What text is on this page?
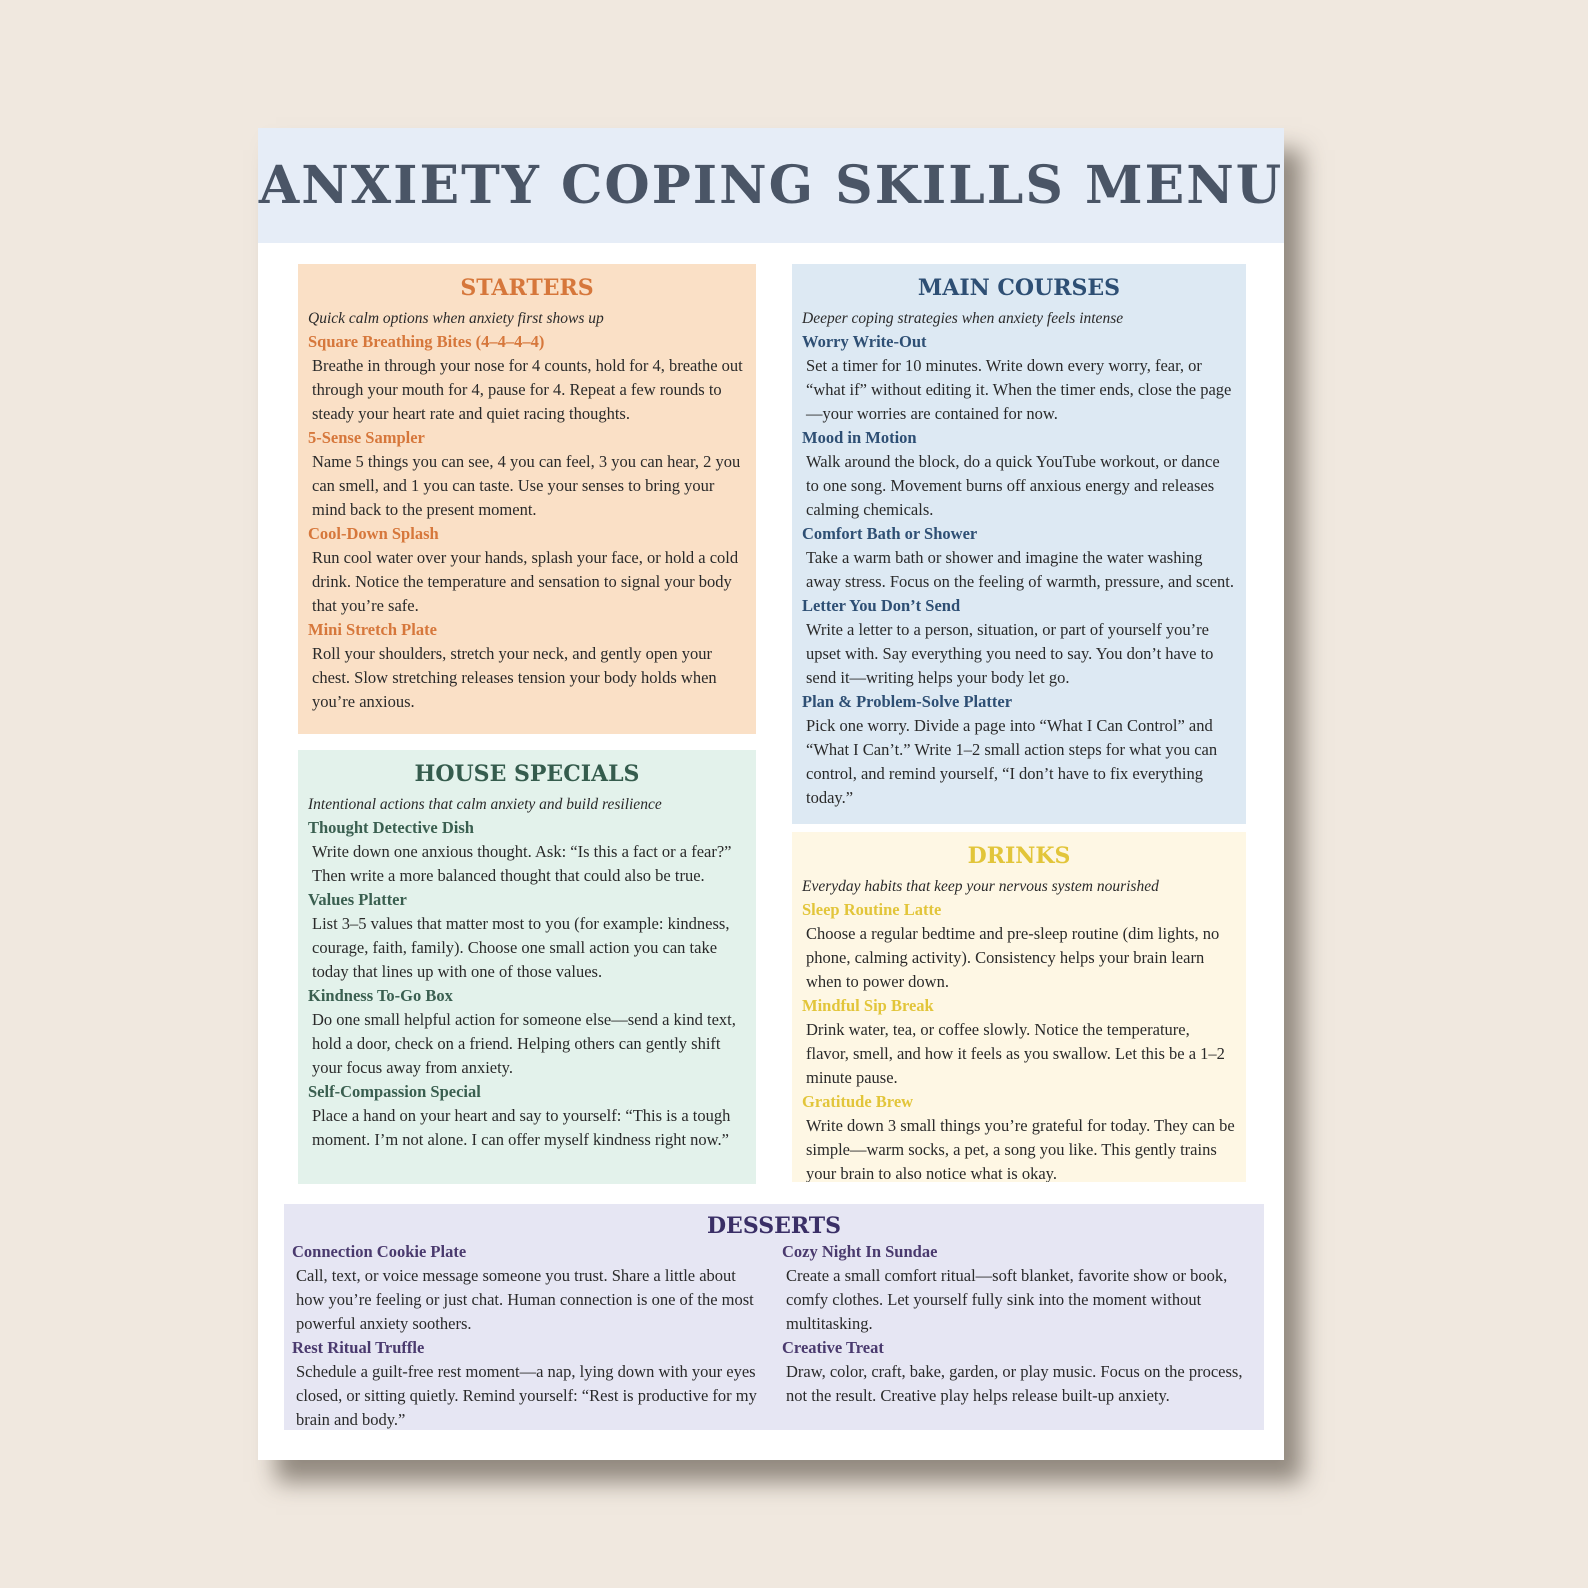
ANXIETY COPING SKILLS MENU
STARTERS
Quick calm options when anxiety first shows up
Square Breathing Bites (4–4–4–4)
Breathe in through your nose for 4 counts, hold for 4, breathe out through your mouth for 4, pause for 4. Repeat a few rounds to steady your heart rate and quiet racing thoughts.
5-Sense Sampler
Name 5 things you can see, 4 you can feel, 3 you can hear, 2 you can smell, and 1 you can taste. Use your senses to bring your mind back to the present moment.
Cool-Down Splash
Run cool water over your hands, splash your face, or hold a cold drink. Notice the temperature and sensation to signal your body that you’re safe.
Mini Stretch Plate
Roll your shoulders, stretch your neck, and gently open your chest. Slow stretching releases tension your body holds when you’re anxious.
HOUSE SPECIALS
Intentional actions that calm anxiety and build resilience
Thought Detective Dish
Write down one anxious thought. Ask: “Is this a fact or a fear?” Then write a more balanced thought that could also be true.
Values Platter
List 3–5 values that matter most to you (for example: kindness, courage, faith, family). Choose one small action you can take today that lines up with one of those values.
Kindness To-Go Box
Do one small helpful action for someone else—send a kind text, hold a door, check on a friend. Helping others can gently shift your focus away from anxiety.
Self-Compassion Special
Place a hand on your heart and say to yourself: “This is a tough moment. I’m not alone. I can offer myself kindness right now.”
MAIN COURSES
Deeper coping strategies when anxiety feels intense
Worry Write-Out
Set a timer for 10 minutes. Write down every worry, fear, or “what if” without editing it. When the timer ends, close the page—your worries are contained for now.
Mood in Motion
Walk around the block, do a quick YouTube workout, or dance to one song. Movement burns off anxious energy and releases calming chemicals.
Comfort Bath or Shower
Take a warm bath or shower and imagine the water washing away stress. Focus on the feeling of warmth, pressure, and scent.
Letter You Don’t Send
Write a letter to a person, situation, or part of yourself you’re upset with. Say everything you need to say. You don’t have to send it—writing helps your body let go.
Plan & Problem-Solve Platter
Pick one worry. Divide a page into “What I Can Control” and “What I Can’t.” Write 1–2 small action steps for what you can control, and remind yourself, “I don’t have to fix everything today.”
DRINKS
Everyday habits that keep your nervous system nourished
Sleep Routine Latte
Choose a regular bedtime and pre-sleep routine (dim lights, no phone, calming activity). Consistency helps your brain learn when to power down.
Mindful Sip Break
Drink water, tea, or coffee slowly. Notice the temperature, flavor, smell, and how it feels as you swallow. Let this be a 1–2 minute pause.
Gratitude Brew
Write down 3 small things you’re grateful for today. They can be simple—warm socks, a pet, a song you like. This gently trains your brain to also notice what is okay.
DESSERTS
Connection Cookie Plate
Call, text, or voice message someone you trust. Share a little about how you’re feeling or just chat. Human connection is one of the most powerful anxiety soothers.
Rest Ritual Truffle
Schedule a guilt-free rest moment—a nap, lying down with your eyes closed, or sitting quietly. Remind yourself: “Rest is productive for my brain and body.”
Cozy Night In Sundae
Create a small comfort ritual—soft blanket, favorite show or book, comfy clothes. Let yourself fully sink into the moment without multitasking.
Creative Treat
Draw, color, craft, bake, garden, or play music. Focus on the process, not the result. Creative play helps release built-up anxiety.
